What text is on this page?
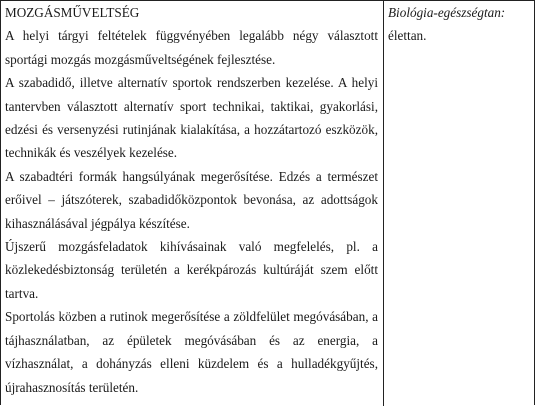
MOZGÁSMŰVELTSÉG

A helyi tárgyi feltételek függvényében legalább négy választott sportági mozgás mozgásműveltségének fejlesztése.

A szabadidő, illetve alternatív sportok rendszerben kezelése. A helyi tantervben választott alternatív sport technikai, taktikai, gyakorlási, edzési és versenyzési rutinjának kialakítása, a hozzátartozó eszközök, technikák és veszélyek kezelése.

A szabadtéri formák hangsúlyának megerősítése. Edzés a természet erőivel – játszóterek, szabadidőközpontok bevonása, az adottságok kihasználásával jégpálya készítése.

Újszerű mozgásfeladatok kihívásainak való megfelelés, pl. a közlekedésbiztonság területén a kerékpározás kultúráját szem előtt tartva.

Sportolás közben a rutinok megerősítése a zöldfelület megóvásában, a tájhasználatban, az épületek megóvásában és az energia, a vízhasználat, a dohányzás elleni küzdelem és a hulladékgyűjtés, újrahasznosítás területén.

Biológia-egészségtan:
élettan.
